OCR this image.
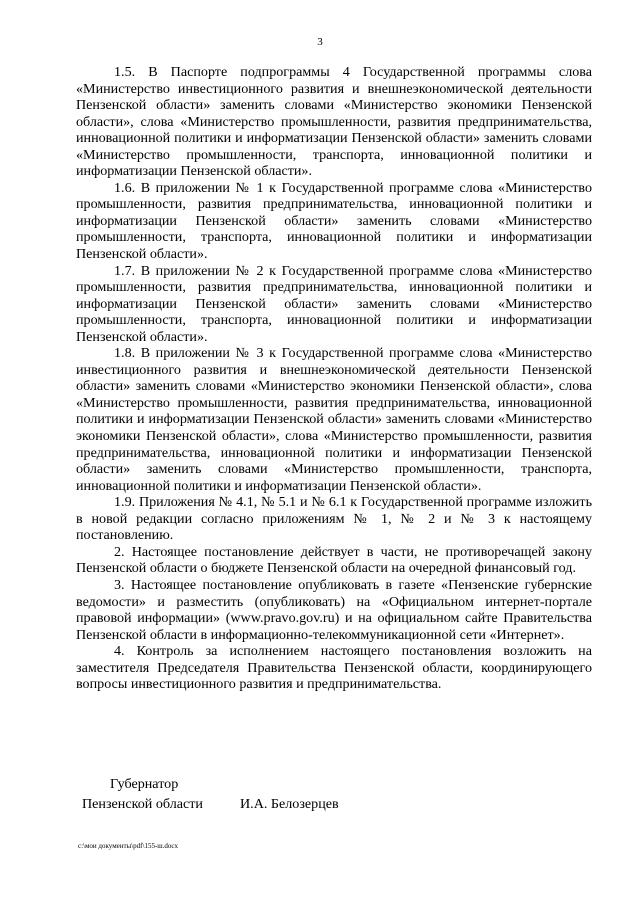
3

1.5. В Паспорте подпрограммы 4 Государственной программы слова «Министерство инвестиционного развития и внешнеэкономической деятельности Пензенской области» заменить словами «Министерство экономики Пензенской области», слова «Министерство промышленности, развития предпринимательства, инновационной политики и информатизации Пензенской области» заменить словами «Министерство промышленности, транспорта, инновационной политики и информатизации Пензенской области».

1.6. В приложении № 1 к Государственной программе слова «Министерство промышленности, развития предпринимательства, инновационной политики и информатизации Пензенской области» заменить словами «Министерство промышленности, транспорта, инновационной политики и информатизации Пензенской области».

1.7. В приложении № 2 к Государственной программе слова «Министерство промышленности, развития предпринимательства, инновационной политики и информатизации Пензенской области» заменить словами «Министерство промышленности, транспорта, инновационной политики и информатизации Пензенской области».

1.8. В приложении № 3 к Государственной программе слова «Министерство инвестиционного развития и внешнеэкономической деятельности Пензенской области» заменить словами «Министерство экономики Пензенской области», слова «Министерство промышленности, развития предпринимательства, инновационной политики и информатизации Пензенской области» заменить словами «Министерство экономики Пензенской области», слова «Министерство промышленности, развития предпринимательства, инновационной политики и информатизации Пензенской области» заменить словами «Министерство промышленности, транспорта, инновационной политики и информатизации Пензенской области».

1.9. Приложения № 4.1, № 5.1 и № 6.1 к Государственной программе изложить в новой редакции согласно приложениям № 1, № 2 и № 3 к настоящему постановлению.

2. Настоящее постановление действует в части, не противоречащей закону Пензенской области о бюджете Пензенской области на очередной финансовый год.

3. Настоящее постановление опубликовать в газете «Пензенские губернские ведомости» и разместить (опубликовать) на «Официальном интернет-портале правовой информации» (www.pravo.gov.ru) и на официальном сайте Правительства Пензенской области в информационно-телекоммуникационной сети «Интернет».

4. Контроль за исполнением настоящего постановления возложить на заместителя Председателя Правительства Пензенской области, координирующего вопросы инвестиционного развития и предпринимательства.

Губернатор
Пензенской области	И.А. Белозерцев
c:\мои документы\pdf\155-ш.docx
